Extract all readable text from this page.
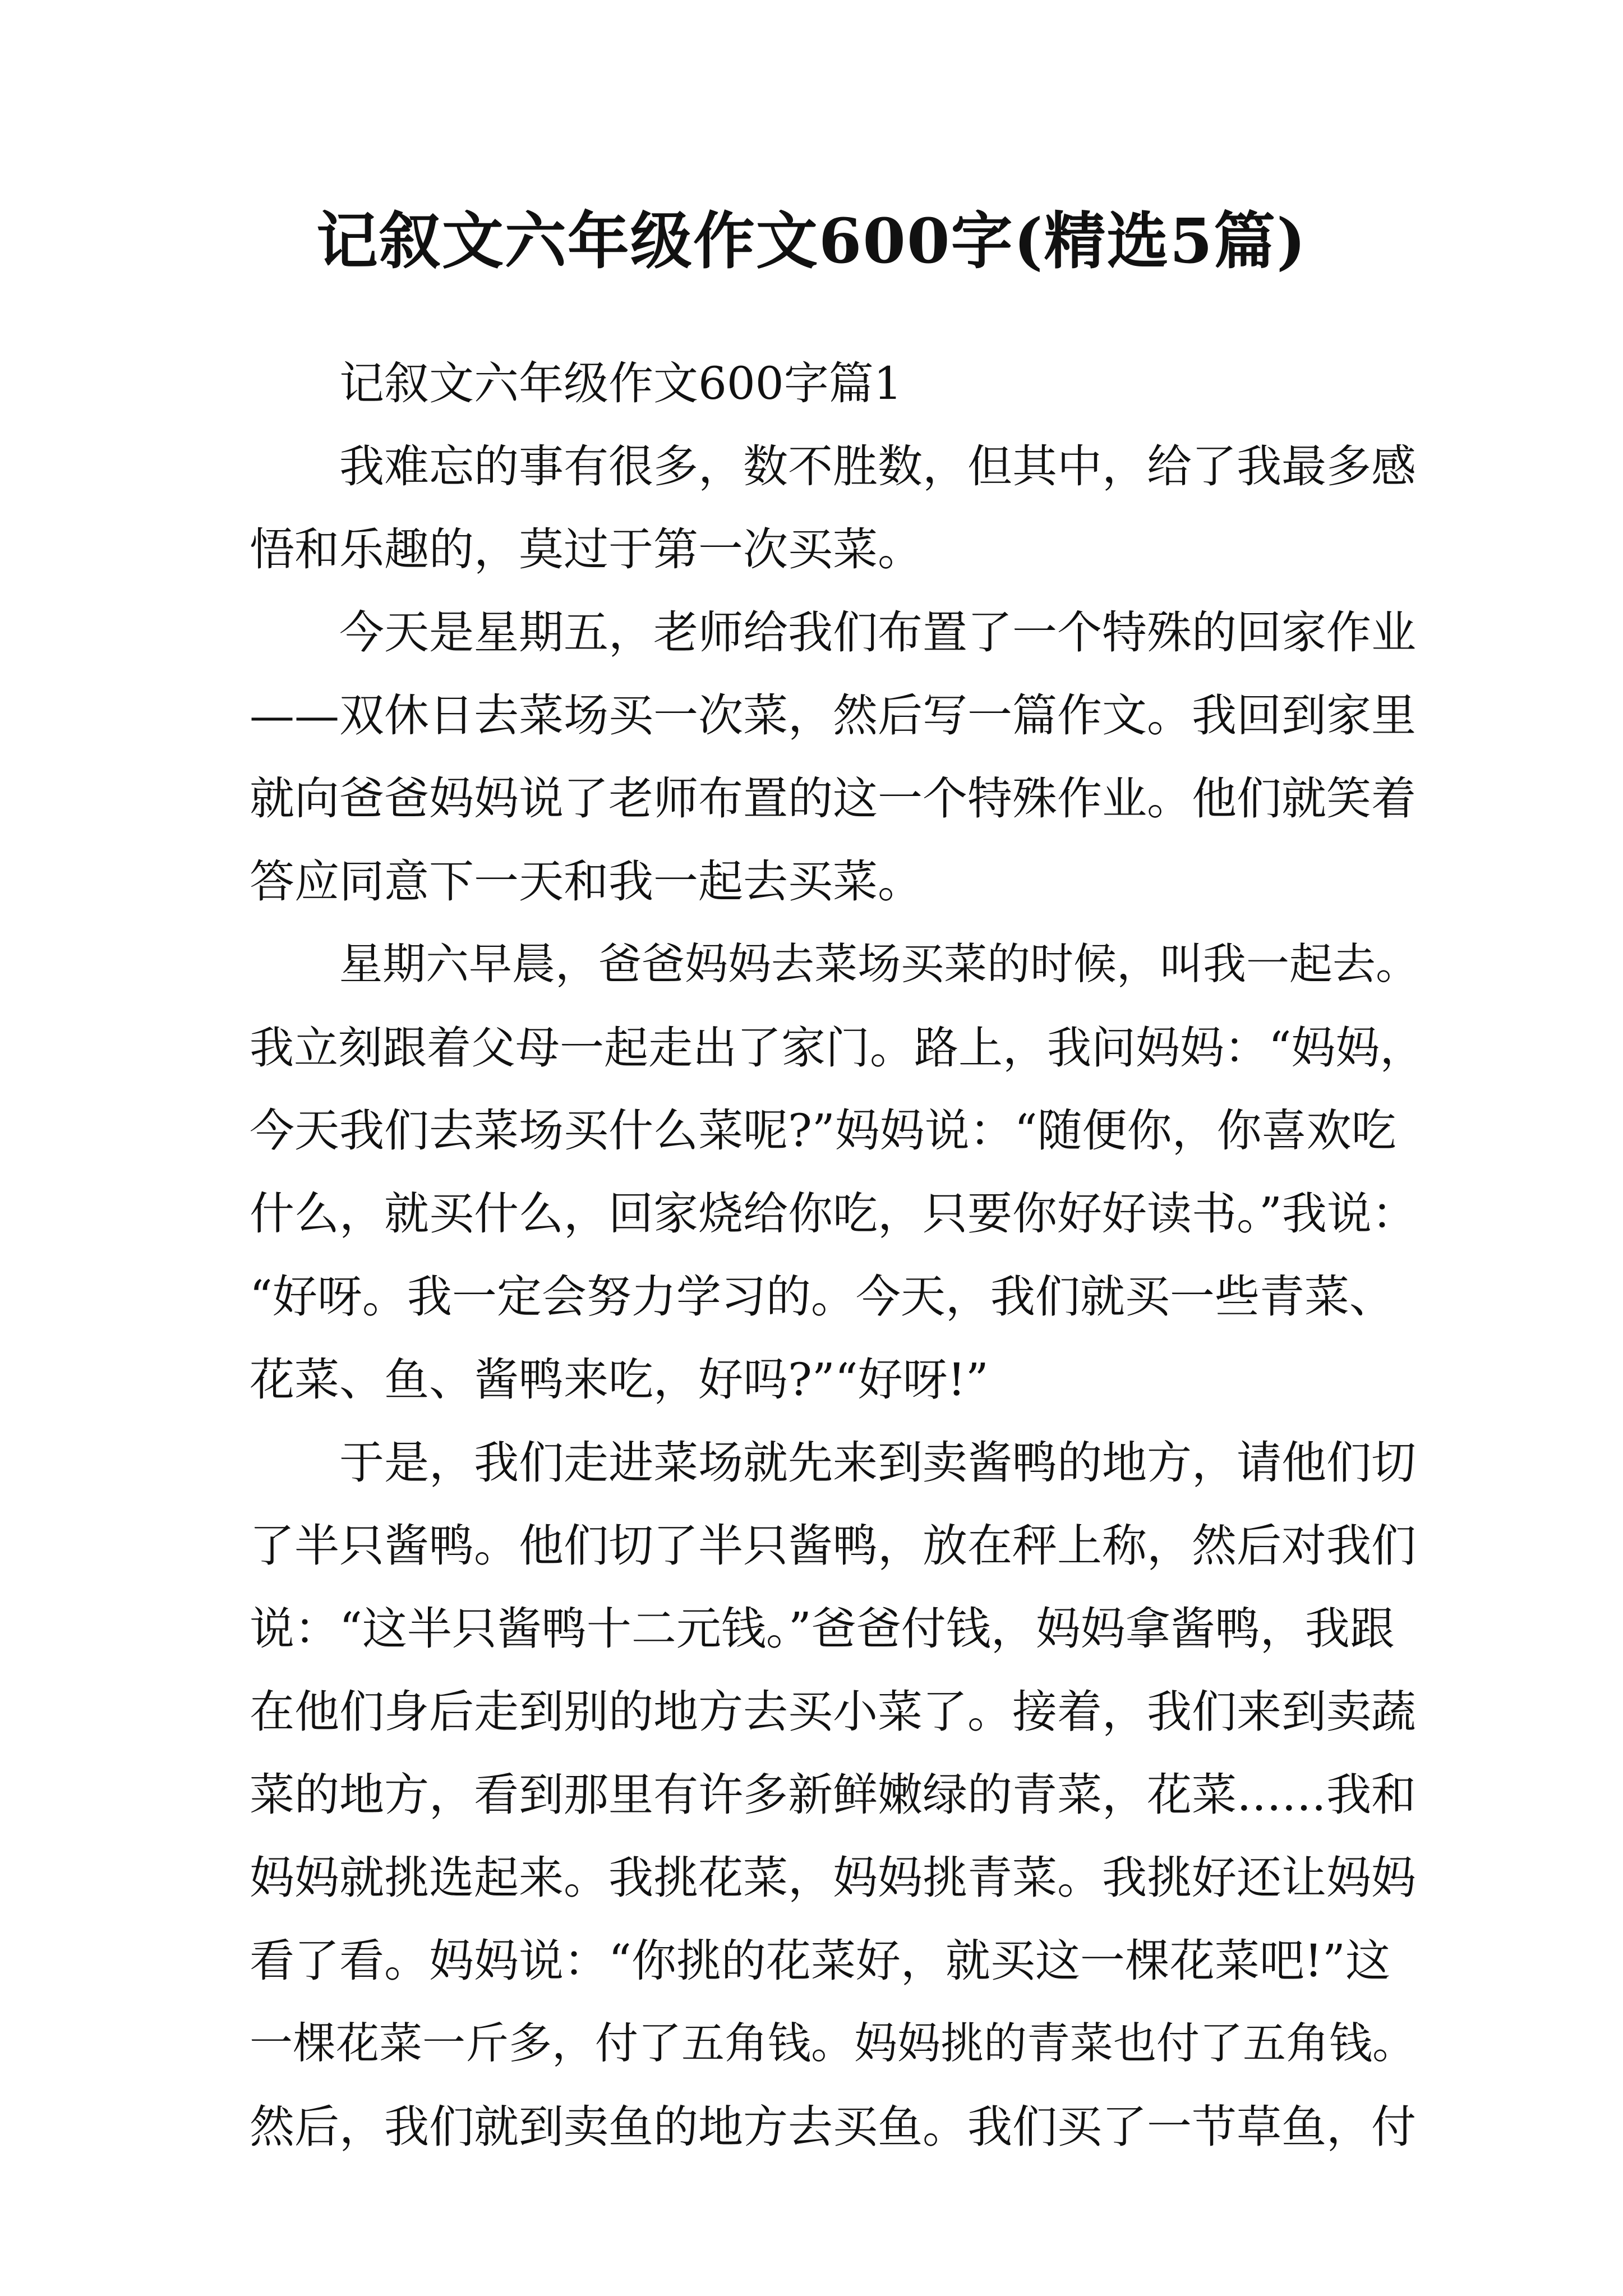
记叙文六年级作文600字(精选5篇)
记叙文六年级作文600字篇1
我难忘的事有很多，数不胜数，但其中，给了我最多感
悟和乐趣的，莫过于第一次买菜。
今天是星期五，老师给我们布置了一个特殊的回家作业
——双休日去菜场买一次菜，然后写一篇作文。我回到家里
就向爸爸妈妈说了老师布置的这一个特殊作业。他们就笑着
答应同意下一天和我一起去买菜。
星期六早晨，爸爸妈妈去菜场买菜的时候，叫我一起去。
我立刻跟着父母一起走出了家门。路上，我问妈妈：“妈妈，
今天我们去菜场买什么菜呢?”妈妈说：“随便你，你喜欢吃
什么，就买什么，回家烧给你吃，只要你好好读书。”我说：
“好呀。我一定会努力学习的。今天，我们就买一些青菜、
花菜、鱼、酱鸭来吃，好吗?”“好呀!”
于是，我们走进菜场就先来到卖酱鸭的地方，请他们切
了半只酱鸭。他们切了半只酱鸭，放在秤上称，然后对我们
说：“这半只酱鸭十二元钱。”爸爸付钱，妈妈拿酱鸭，我跟
在他们身后走到别的地方去买小菜了。接着，我们来到卖蔬
菜的地方，看到那里有许多新鲜嫩绿的青菜，花菜……我和
妈妈就挑选起来。我挑花菜，妈妈挑青菜。我挑好还让妈妈
看了看。妈妈说：“你挑的花菜好，就买这一棵花菜吧!”这
一棵花菜一斤多，付了五角钱。妈妈挑的青菜也付了五角钱。
然后，我们就到卖鱼的地方去买鱼。我们买了一节草鱼，付
